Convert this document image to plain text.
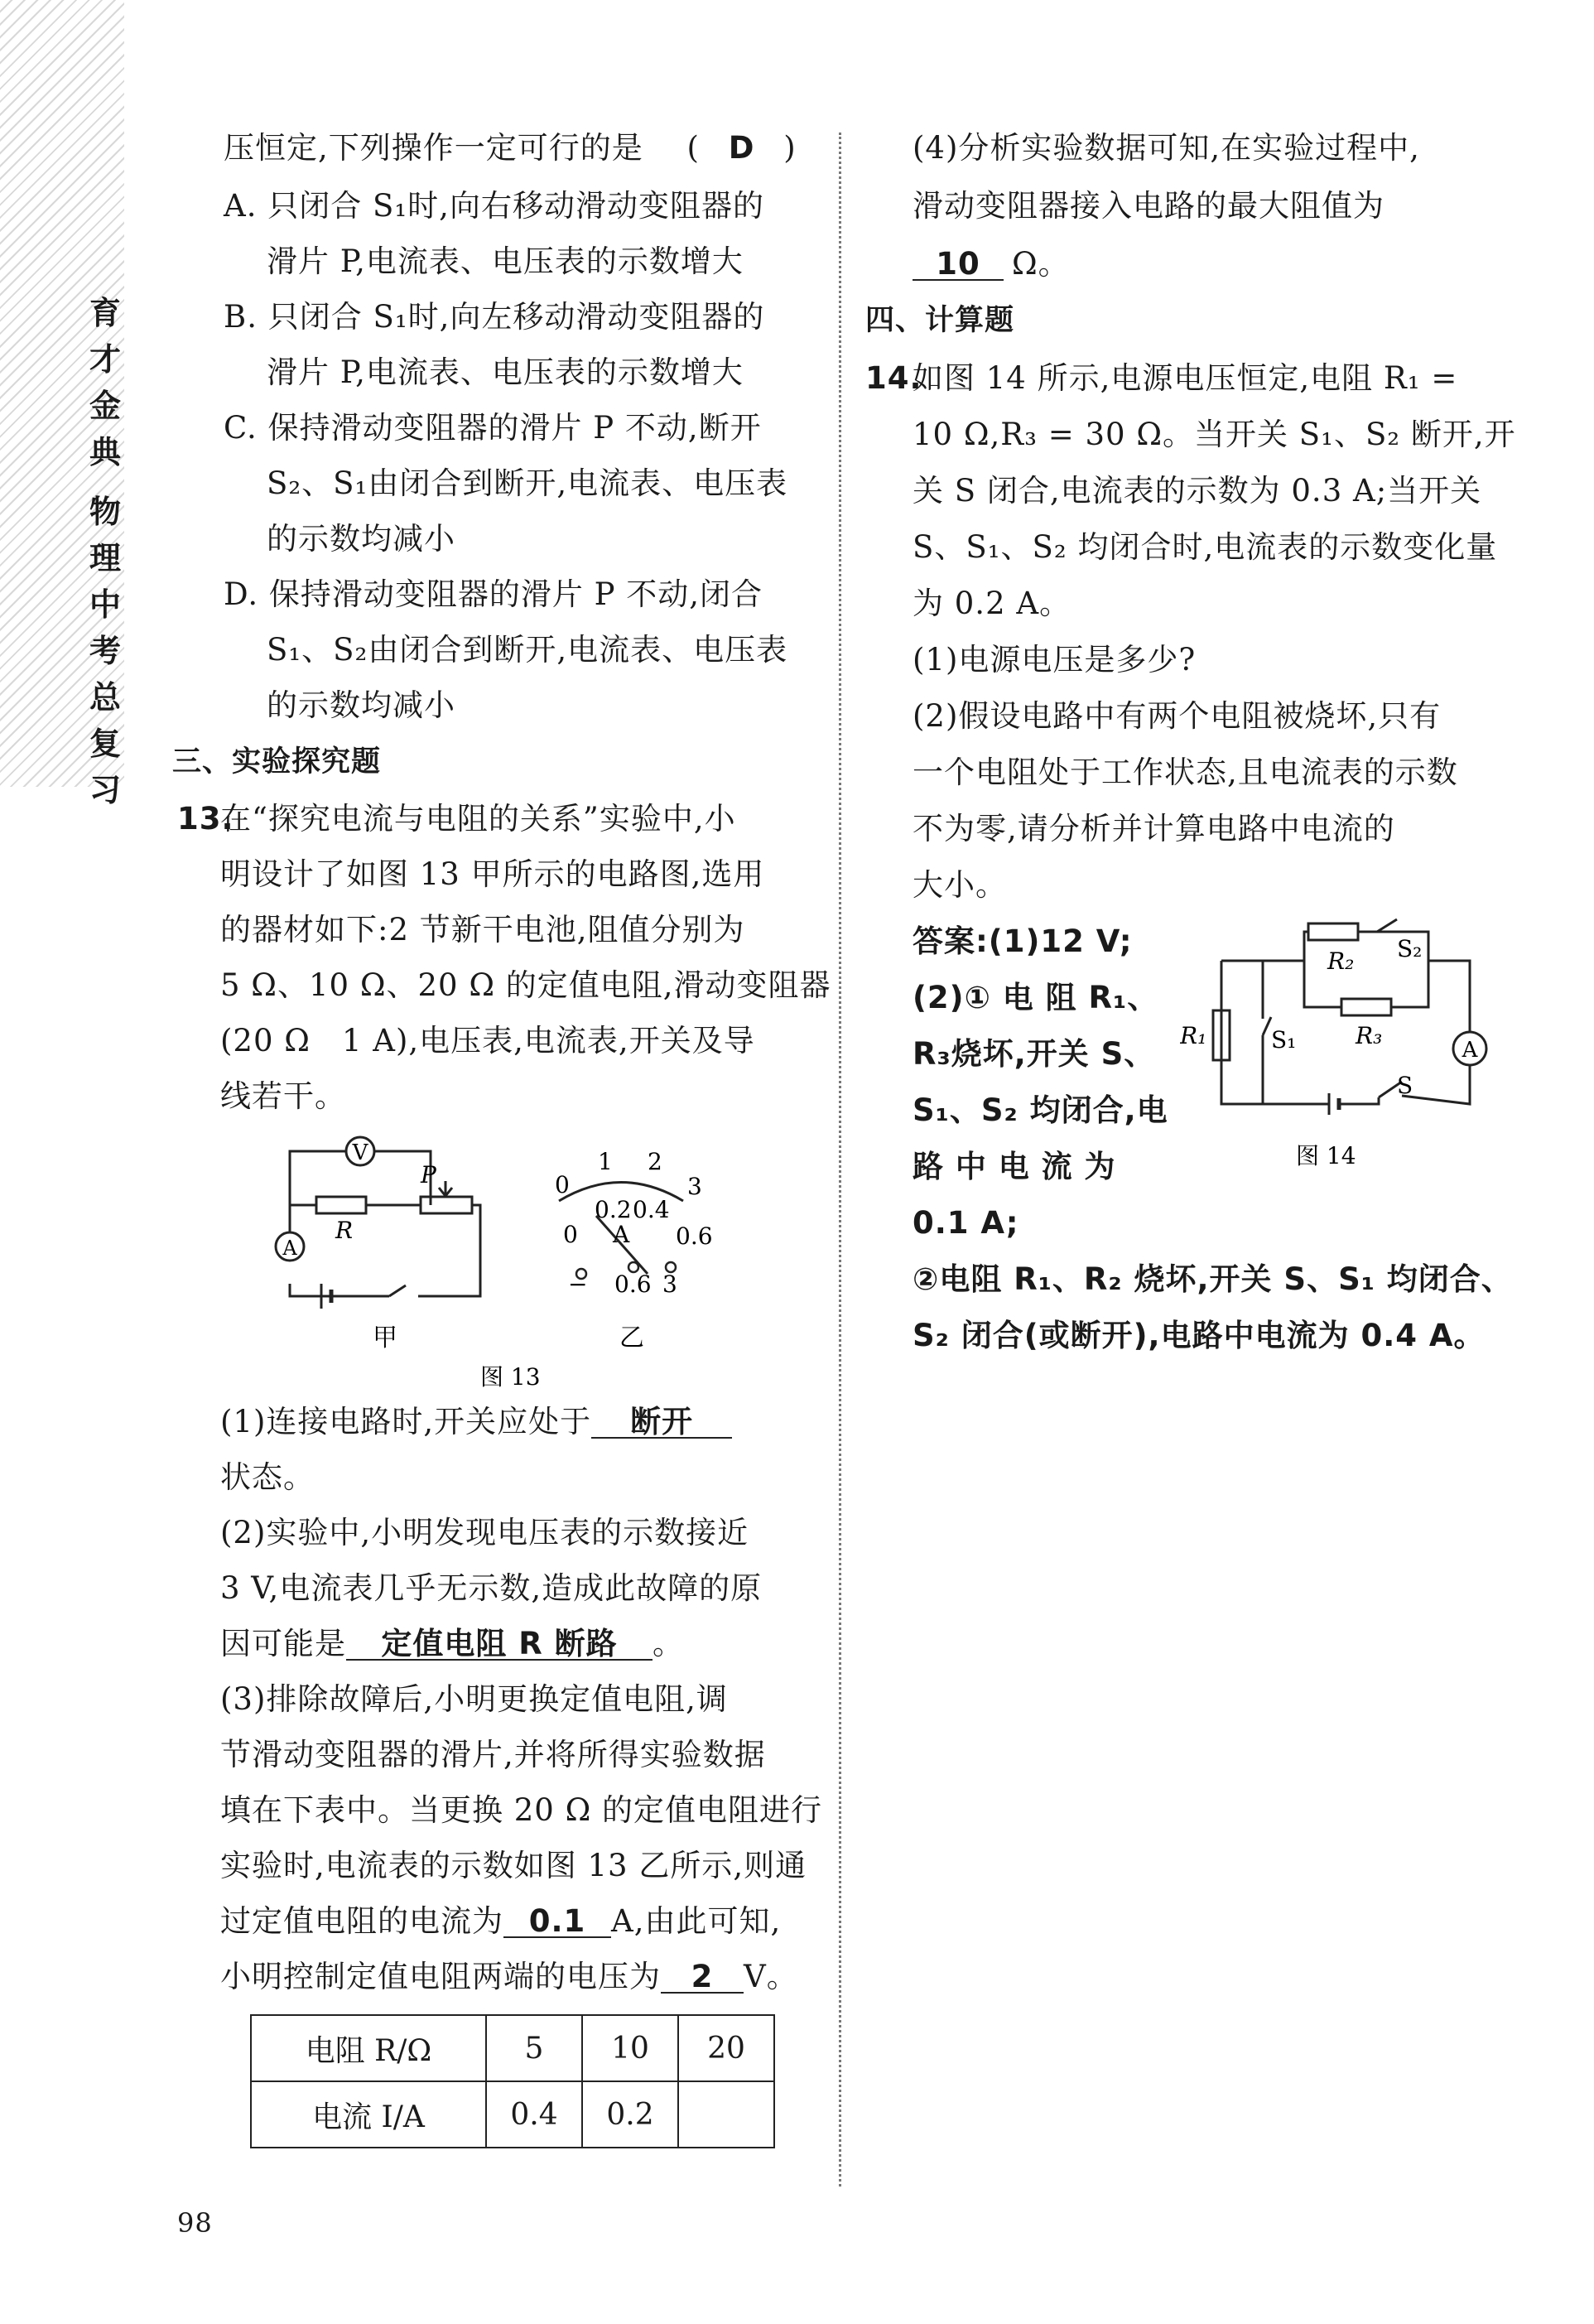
育
才
金
典
物
理
中
考
总
复
习
压恒定,下列操作一定可行的是 ( D )
A. 只闭合 S₁时,向右移动滑动变阻器的
滑片 P,电流表、电压表的示数增大
B. 只闭合 S₁时,向左移动滑动变阻器的
滑片 P,电流表、电压表的示数增大
C. 保持滑动变阻器的滑片 P 不动,断开
S₂、S₁由闭合到断开,电流表、电压表
的示数均减小
D. 保持滑动变阻器的滑片 P 不动,闭合
S₁、S₂由闭合到断开,电流表、电压表
的示数均减小
三、实验探究题
13.
在“探究电流与电阻的关系”实验中,小
明设计了如图 13 甲所示的电路图,选用
的器材如下:2 节新干电池,阻值分别为
5 Ω、10 Ω、20 Ω 的定值电阻,滑动变阻器
(20 Ω　1 A),电压表,电流表,开关及导
线若干。
V
A
R
P
甲
0
1 2
3
0
0.2 0.4
0.6
A
− 0.6 3
乙
图 13
(1)连接电路时,开关应处于 断开
状态。
(2)实验中,小明发现电压表的示数接近
3 V,电流表几乎无示数,造成此故障的原
因可能是 定值电阻 R 断路 。
(3)排除故障后,小明更换定值电阻,调
节滑动变阻器的滑片,并将所得实验数据
填在下表中。当更换 20 Ω 的定值电阻进行
实验时,电流表的示数如图 13 乙所示,则通
过定值电阻的电流为 0.1 A,由此可知,
小明控制定值电阻两端的电压为 2 V。
电阻 R/Ω	5	10	20
电流 I/A	0.4	0.2	
(4)分析实验数据可知,在实验过程中,
滑动变阻器接入电路的最大阻值为
10 Ω。
四、计算题
14.
如图 14 所示,电源电压恒定,电阻 R₁ =
10 Ω,R₃ = 30 Ω。当开关 S₁、S₂ 断开,开
关 S 闭合,电流表的示数为 0.3 A;当开关
S、S₁、S₂ 均闭合时,电流表的示数变化量
为 0.2 A。
(1)电源电压是多少?
(2)假设电路中有两个电阻被烧坏,只有
一个电阻处于工作状态,且电流表的示数
不为零,请分析并计算电路中电流的
大小。
答案:(1)12 V;
(2)① 电 阻 R₁、
R₃烧坏,开关 S、
S₁、S₂ 均闭合,电
路 中 电 流 为
0.1 A;
②电阻 R₁、R₂ 烧坏,开关 S、S₁ 均闭合、
S₂ 闭合(或断开),电路中电流为 0.4 A。
A
R₂
R₃
R₁	S₁
S₂
S
图 14
98
